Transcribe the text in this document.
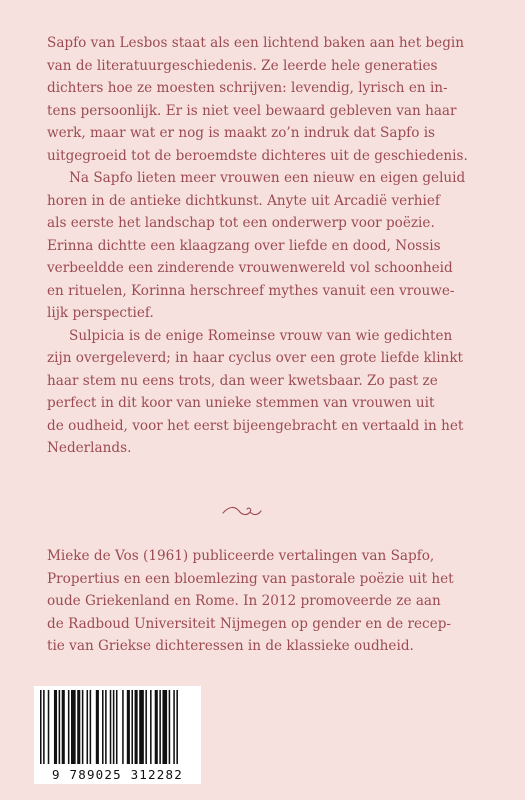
Sapfo van Lesbos staat als een lichtend baken aan het begin
van de literatuurgeschiedenis. Ze leerde hele generaties
dichters hoe ze moesten schrijven: levendig, lyrisch en in-
tens persoonlijk. Er is niet veel bewaard gebleven van haar
werk, maar wat er nog is maakt zo’n indruk dat Sapfo is
uitgegroeid tot de beroemdste dichteres uit de geschiedenis.

Na Sapfo lieten meer vrouwen een nieuw en eigen geluid
horen in de antieke dichtkunst. Anyte uit Arcadië verhief
als eerste het landschap tot een onderwerp voor poëzie.
Erinna dichtte een klaagzang over liefde en dood, Nossis
verbeeldde een zinderende vrouwenwereld vol schoonheid
en rituelen, Korinna herschreef mythes vanuit een vrouwe-
lijk perspectief.

Sulpicia is de enige Romeinse vrouw van wie gedichten
zijn overgeleverd; in haar cyclus over een grote liefde klinkt
haar stem nu eens trots, dan weer kwetsbaar. Zo past ze
perfect in dit koor van unieke stemmen van vrouwen uit
de oudheid, voor het eerst bijeengebracht en vertaald in het
Nederlands.

Mieke de Vos (1961) publiceerde vertalingen van Sapfo,
Propertius en een bloemlezing van pastorale poëzie uit het
oude Griekenland en Rome. In 2012 promoveerde ze aan
de Radboud Universiteit Nijmegen op gender en de recep-
tie van Griekse dichteressen in de klassieke oudheid.

9 789025 312282
